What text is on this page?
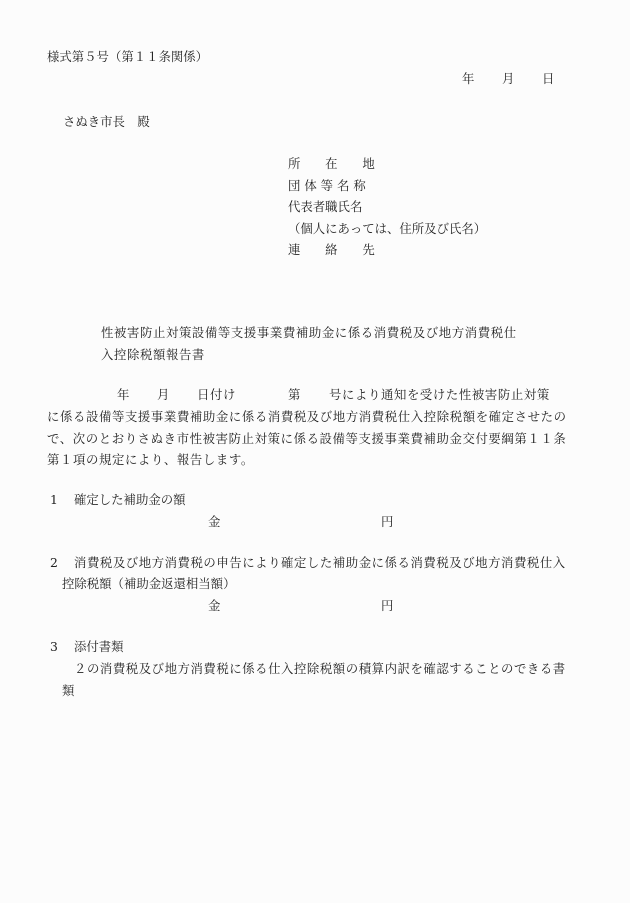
様式第５号（第１１条関係）
年 月 日
さぬき市長　殿
所　　在　　地
団 体 等 名 称
代表者職氏名
（個人にあっては、住所及び氏名）
連　　絡　　先
性被害防止対策設備等支援事業費補助金に係る消費税及び地方消費税仕
入控除税額報告書
年 月 日付け	第 号により通知を受けた性被害防止対策
に係る設備等支援事業費補助金に係る消費税及び地方消費税仕入控除税額を確定させたの
で、次のとおりさぬき市性被害防止対策に係る設備等支援事業費補助金交付要綱第１１条
第１項の規定により、報告します。
1 確定した補助金の額
金	円
2 消費税及び地方消費税の申告により確定した補助金に係る消費税及び地方消費税仕入
控除税額（補助金返還相当額）
金	円
3 添付書類
２の消費税及び地方消費税に係る仕入控除税額の積算内訳を確認することのできる書
類
